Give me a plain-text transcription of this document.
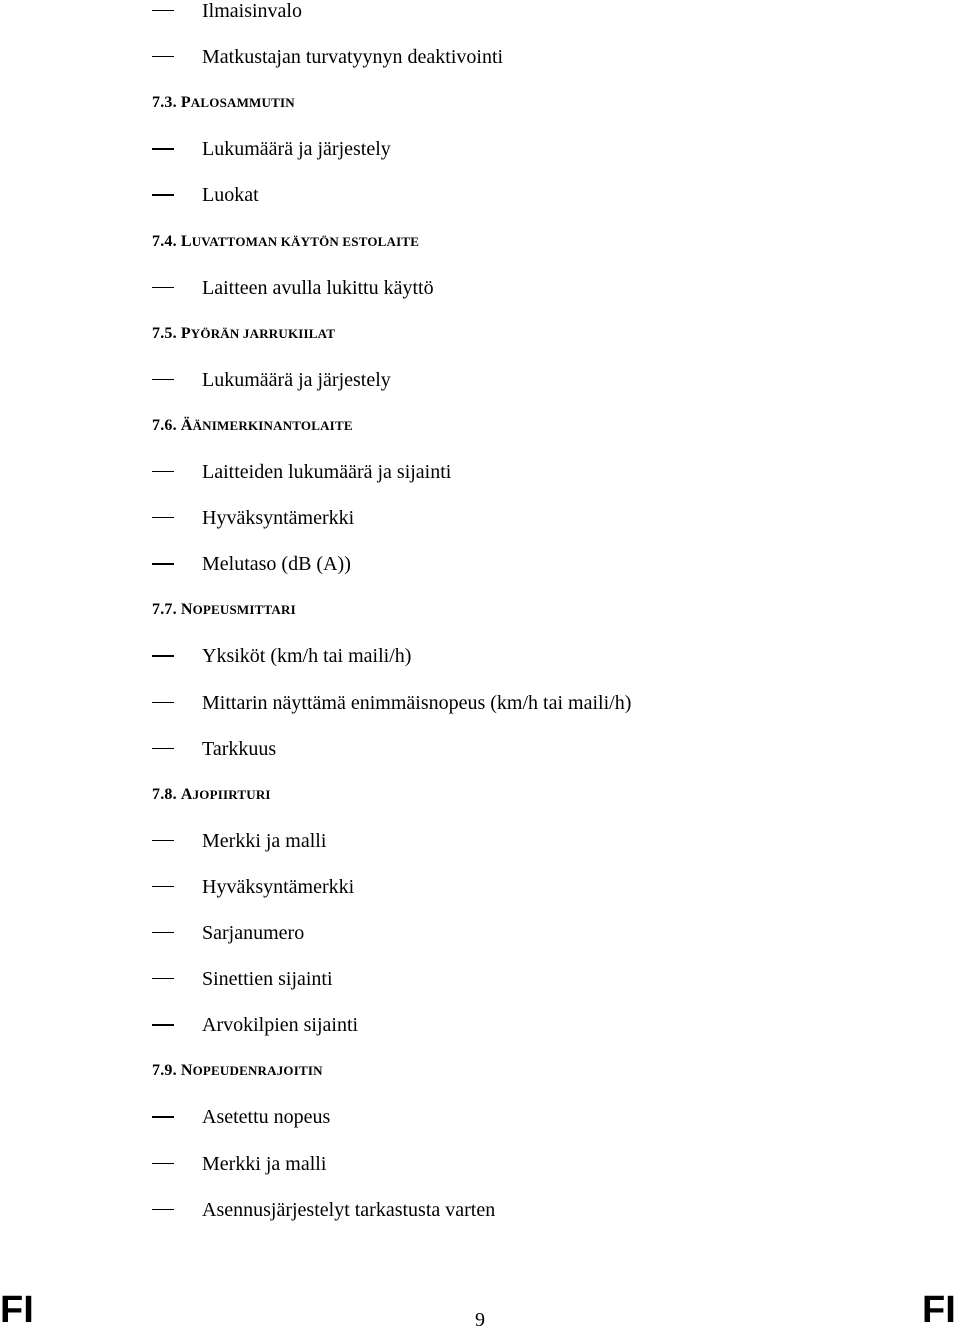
Ilmaisinvalo
Matkustajan turvatyynyn deaktivointi
7.3. PALOSAMMUTIN
Lukumäärä ja järjestely
Luokat
7.4. LUVATTOMAN KÄYTÖN ESTOLAITE
Laitteen avulla lukittu käyttö
7.5. PYÖRÄN JARRUKIILAT
Lukumäärä ja järjestely
7.6. ÄÄNIMERKINANTOLAITE
Laitteiden lukumäärä ja sijainti
Hyväksyntämerkki
Melutaso (dB (A))
7.7. NOPEUSMITTARI
Yksiköt (km/h tai maili/h)
Mittarin näyttämä enimmäisnopeus (km/h tai maili/h)
Tarkkuus
7.8. AJOPIIRTURI
Merkki ja malli
Hyväksyntämerkki
Sarjanumero
Sinettien sijainti
Arvokilpien sijainti
7.9. NOPEUDENRAJOITIN
Asetettu nopeus
Merkki ja malli
Asennusjärjestelyt tarkastusta varten
FI	9	FI
